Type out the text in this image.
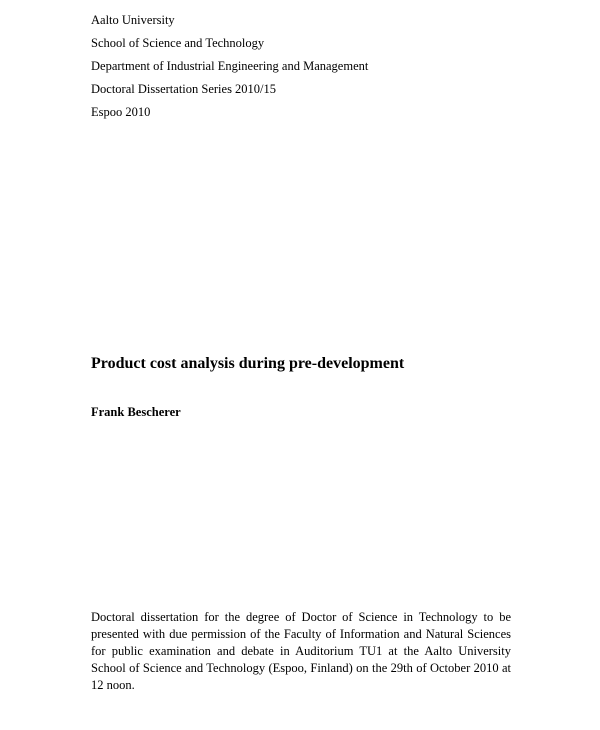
Aalto University
School of Science and Technology
Department of Industrial Engineering and Management
Doctoral Dissertation Series 2010/15
Espoo 2010
Product cost analysis during pre-development
Frank Bescherer

Doctoral dissertation for the degree of Doctor of Science in Technology to be presented with due permission of the Faculty of Information and Natural Sciences for public examination and debate in Auditorium TU1 at the Aalto University School of Science and Technology (Espoo, Finland) on the 29th of October 2010 at 12 noon.
